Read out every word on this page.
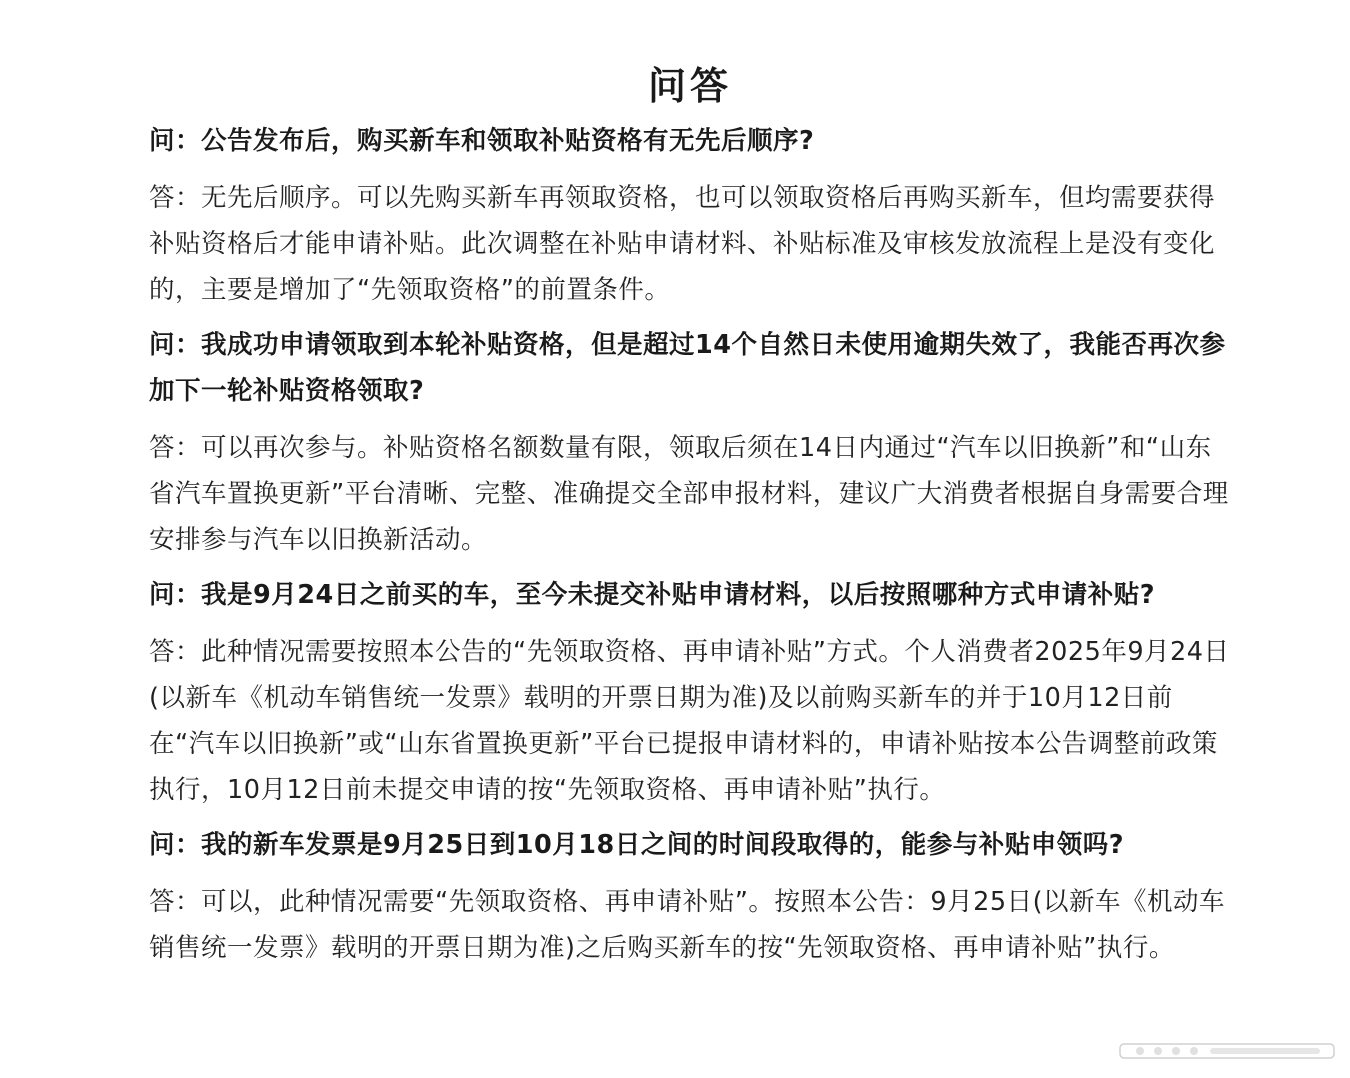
问答

问：公告发布后，购买新车和领取补贴资格有无先后顺序?

答：无先后顺序。可以先购买新车再领取资格，也可以领取资格后再购买新车，但均需要获得补贴资格后才能申请补贴。此次调整在补贴申请材料、补贴标准及审核发放流程上是没有变化的，主要是增加了“先领取资格”的前置条件。

问：我成功申请领取到本轮补贴资格，但是超过14个自然日未使用逾期失效了，我能否再次参加下一轮补贴资格领取?

答：可以再次参与。补贴资格名额数量有限，领取后须在14日内通过“汽车以旧换新”和“山东省汽车置换更新”平台清晰、完整、准确提交全部申报材料，建议广大消费者根据自身需要合理安排参与汽车以旧换新活动。

问：我是9月24日之前买的车，至今未提交补贴申请材料，以后按照哪种方式申请补贴?

答：此种情况需要按照本公告的“先领取资格、再申请补贴”方式。个人消费者2025年9月24日(以新车《机动车销售统一发票》载明的开票日期为准)及以前购买新车的并于10月12日前在“汽车以旧换新”或“山东省置换更新”平台已提报申请材料的，申请补贴按本公告调整前政策执行，10月12日前未提交申请的按“先领取资格、再申请补贴”执行。

问：我的新车发票是9月25日到10月18日之间的时间段取得的，能参与补贴申领吗?

答：可以，此种情况需要“先领取资格、再申请补贴”。按照本公告：9月25日(以新车《机动车销售统一发票》载明的开票日期为准)之后购买新车的按“先领取资格、再申请补贴”执行。
